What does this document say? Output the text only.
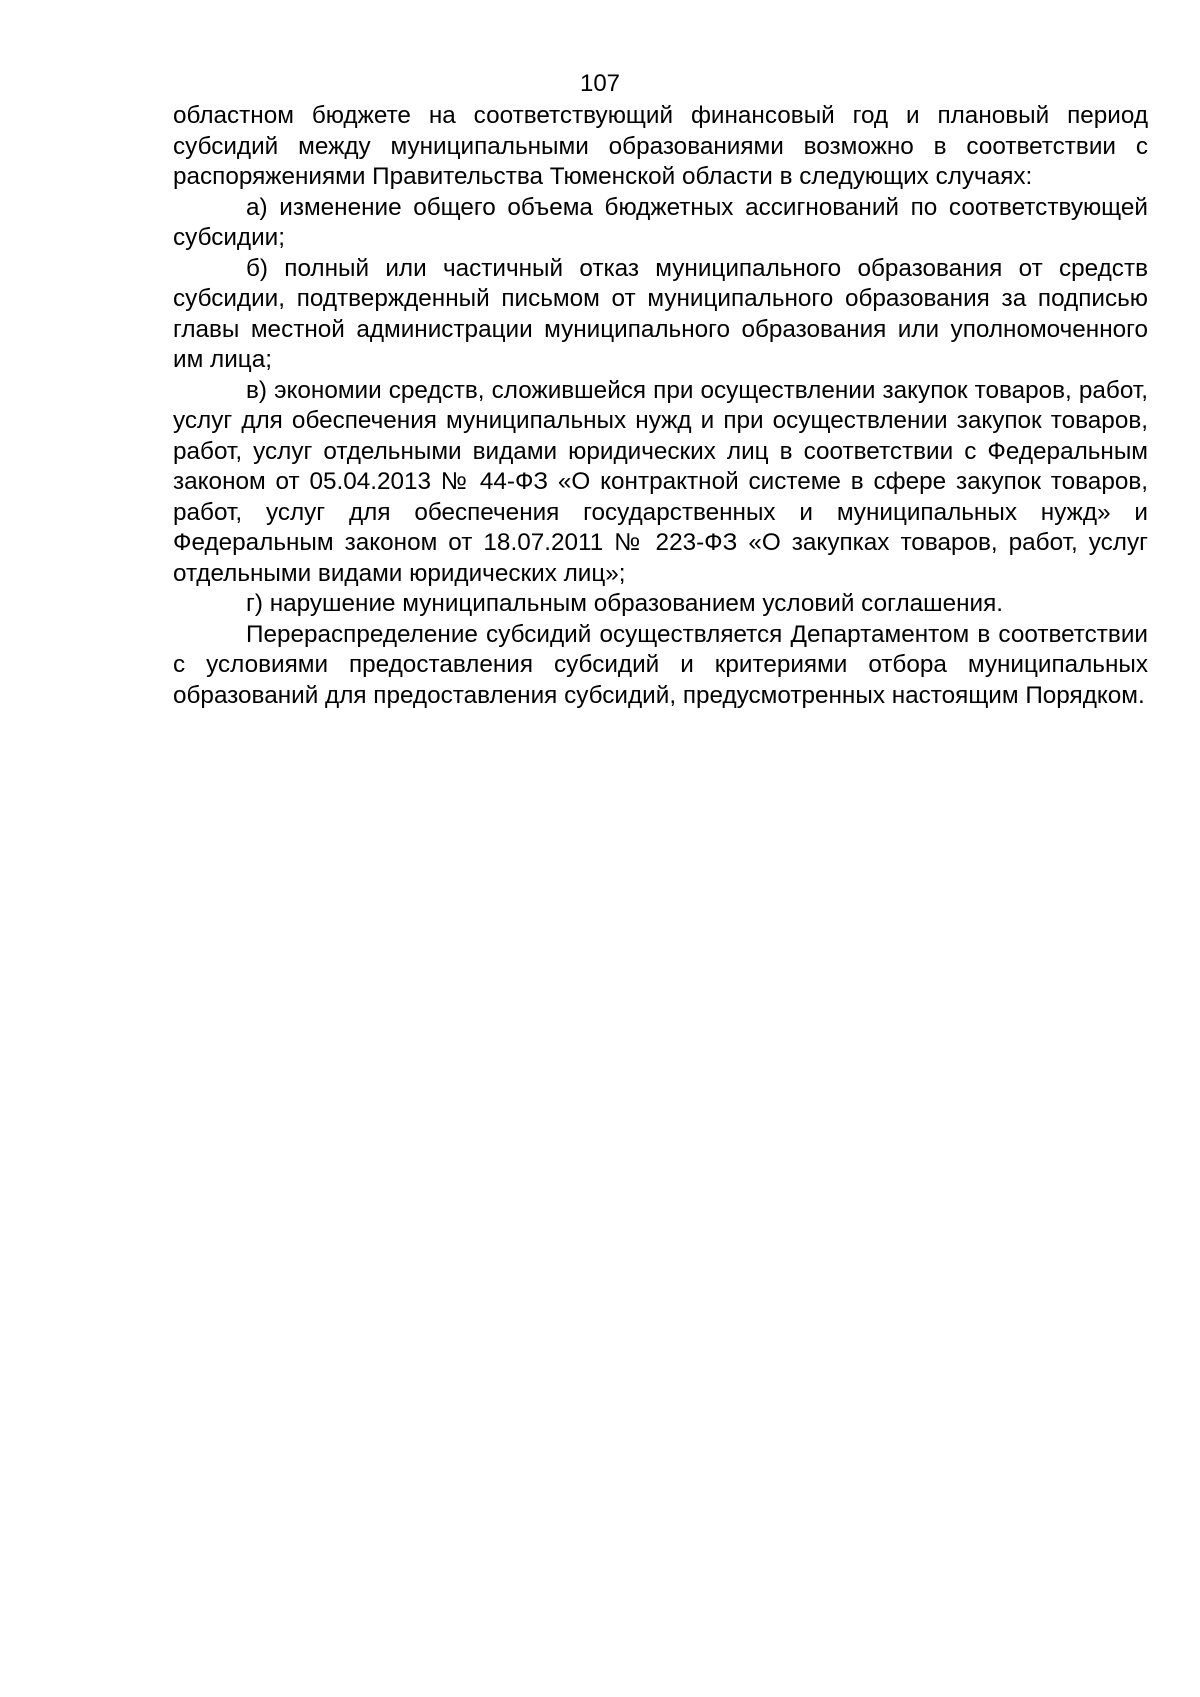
107

областном бюджете на соответствующий финансовый год и плановый период субсидий между муниципальными образованиями возможно в соответствии с распоряжениями Правительства Тюменской области в следующих случаях:

а) изменение общего объема бюджетных ассигнований по соответствующей субсидии;

б) полный или частичный отказ муниципального образования от средств субсидии, подтвержденный письмом от муниципального образования за подписью главы местной администрации муниципального образования или уполномоченного им лица;

в) экономии средств, сложившейся при осуществлении закупок товаров, работ, услуг для обеспечения муниципальных нужд и при осуществлении закупок товаров, работ, услуг отдельными видами юридических лиц в соответствии с Федеральным законом от 05.04.2013 № 44-ФЗ «О контрактной системе в сфере закупок товаров, работ, услуг для обеспечения государственных и муниципальных нужд» и Федеральным законом от 18.07.2011 № 223-ФЗ «О закупках товаров, работ, услуг отдельными видами юридических лиц»;

г) нарушение муниципальным образованием условий соглашения.

Перераспределение субсидий осуществляется Департаментом в соответствии с условиями предоставления субсидий и критериями отбора муниципальных образований для предоставления субсидий, предусмотренных настоящим Порядком.
